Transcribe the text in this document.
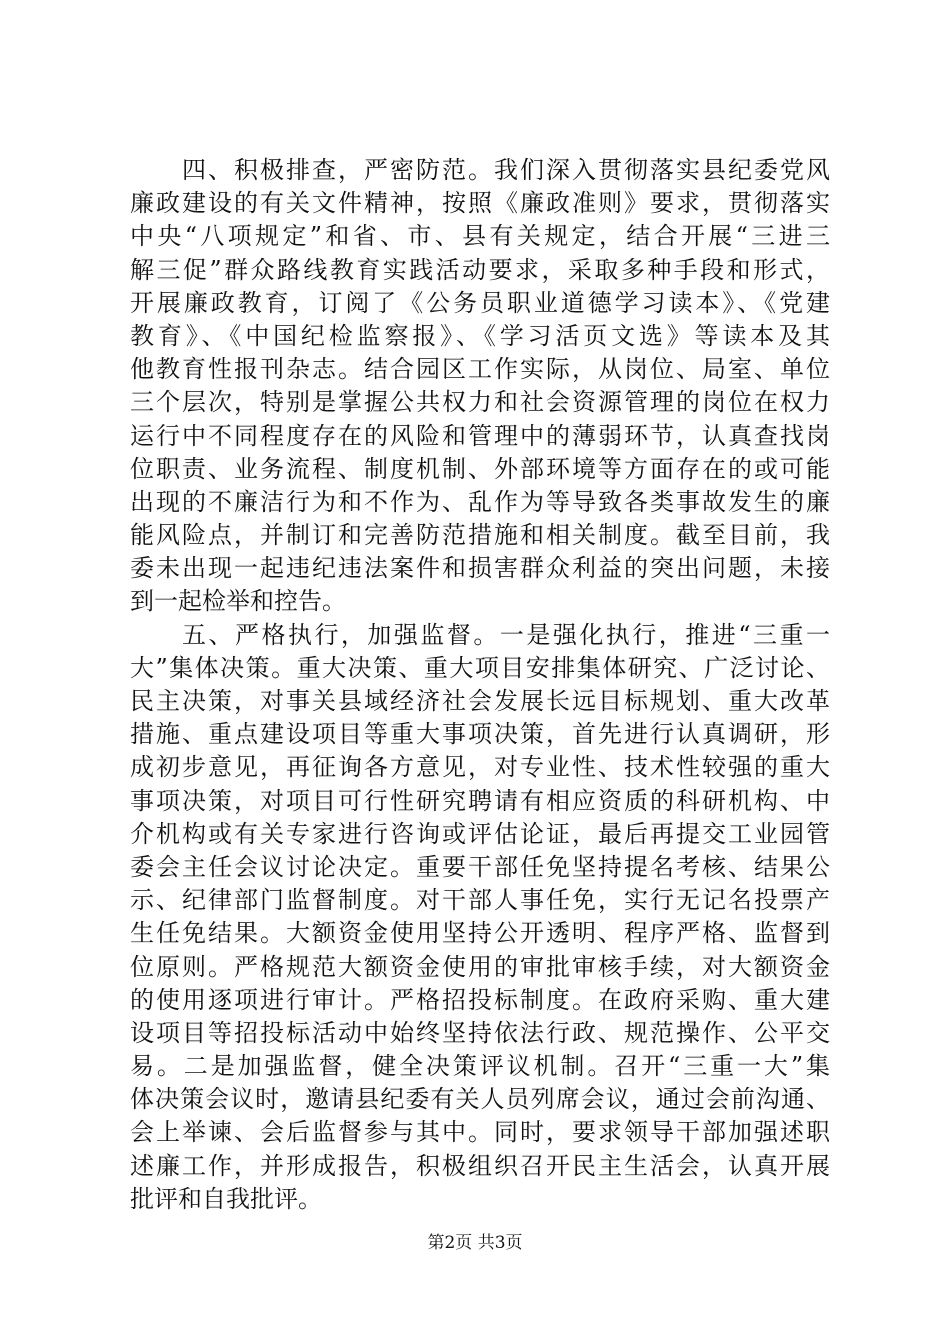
四、积极排查，严密防范。我们深入贯彻落实县纪委党风
廉政建设的有关文件精神，按照《廉政准则》要求，贯彻落实
中央“八项规定”和省、市、县有关规定，结合开展“三进三
解三促”群众路线教育实践活动要求，采取多种手段和形式，
开展廉政教育，订阅了《公务员职业道德学习读本》、《党建
教育》、《中国纪检监察报》、《学习活页文选》等读本及其
他教育性报刊杂志。结合园区工作实际，从岗位、局室、单位
三个层次，特别是掌握公共权力和社会资源管理的岗位在权力
运行中不同程度存在的风险和管理中的薄弱环节，认真查找岗
位职责、业务流程、制度机制、外部环境等方面存在的或可能
出现的不廉洁行为和不作为、乱作为等导致各类事故发生的廉
能风险点，并制订和完善防范措施和相关制度。截至目前，我
委未出现一起违纪违法案件和损害群众利益的突出问题，未接
到一起检举和控告。
五、严格执行，加强监督。一是强化执行，推进“三重一
大”集体决策。重大决策、重大项目安排集体研究、广泛讨论、
民主决策，对事关县域经济社会发展长远目标规划、重大改革
措施、重点建设项目等重大事项决策，首先进行认真调研，形
成初步意见，再征询各方意见，对专业性、技术性较强的重大
事项决策，对项目可行性研究聘请有相应资质的科研机构、中
介机构或有关专家进行咨询或评估论证，最后再提交工业园管
委会主任会议讨论决定。重要干部任免坚持提名考核、结果公
示、纪律部门监督制度。对干部人事任免，实行无记名投票产
生任免结果。大额资金使用坚持公开透明、程序严格、监督到
位原则。严格规范大额资金使用的审批审核手续，对大额资金
的使用逐项进行审计。严格招投标制度。在政府采购、重大建
设项目等招投标活动中始终坚持依法行政、规范操作、公平交
易。二是加强监督，健全决策评议机制。召开“三重一大”集
体决策会议时，邀请县纪委有关人员列席会议，通过会前沟通、
会上举谏、会后监督参与其中。同时，要求领导干部加强述职
述廉工作，并形成报告，积极组织召开民主生活会，认真开展
批评和自我批评。
第2页 共3页
